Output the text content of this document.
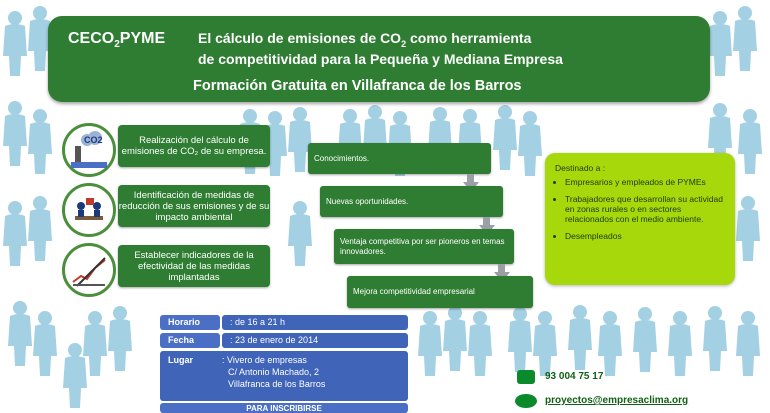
$CECO_2PYME$ El cálculo de emisiones de $CO_2$ como herramienta
de competitividad para la Pequeña y Mediana Empresa
Formación Gratuita en Villafranca de los Barros
CO2	Realización del cálculo de emisiones de CO₂ de su empresa.
Identificación de medidas de reducción de sus emisiones y de su impacto ambiental
Establecer indicadores de la efectividad de las medidas implantadas
Conocimientos.
Nuevas oportunidades.
Ventaja competitiva por ser pioneros en temas innovadores.
Mejora competitividad empresarial
Destinado a :
• Empresarios y empleados de PYMEs
• Trabajadores que desarrollan su actividad en zonas rurales o en sectores relacionados con el medio ambiente.
• Desempleados
Horario	: de 16 a 21 h
Fecha	: 23 de enero de 2014
Lugar	: Vivero de empresas
C/ Antonio Machado, 2
Villafranca de los Barros
PARA INSCRIBIRSE
93 004 75 17
proyectos@empresaclima.org
